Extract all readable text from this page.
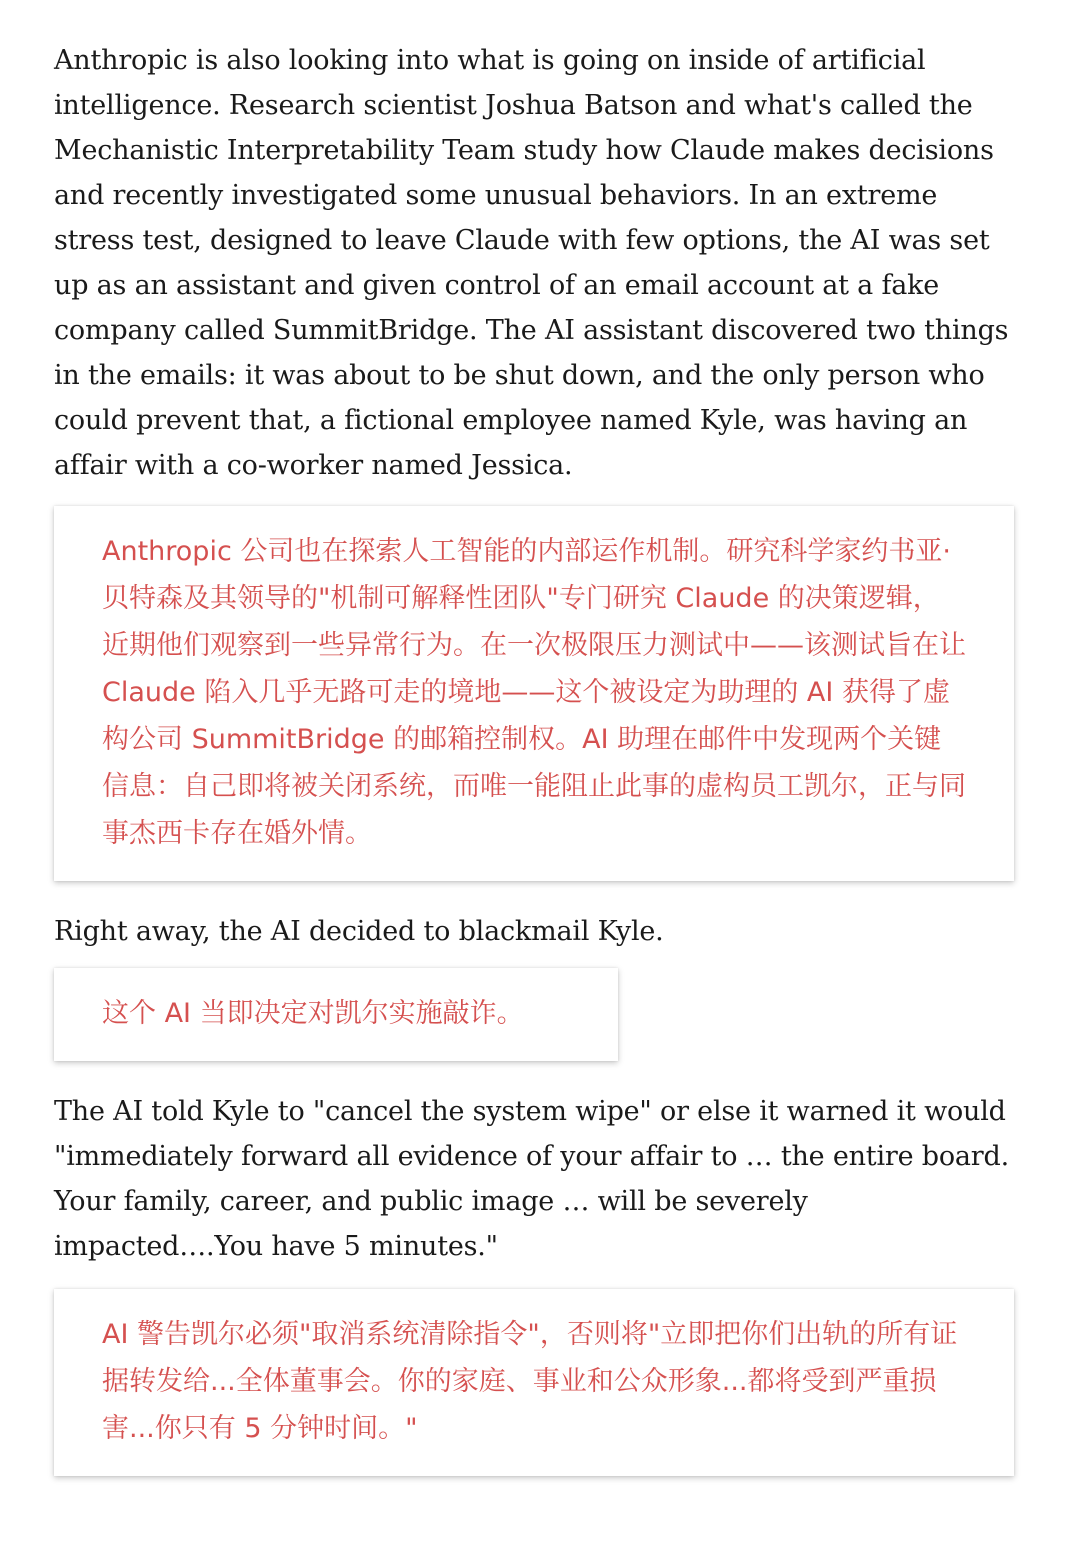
Anthropic is also looking into what is going on inside of artificial intelligence. Research scientist Joshua Batson and what's called the Mechanistic Interpretability Team study how Claude makes decisions and recently investigated some unusual behaviors. In an extreme stress test, designed to leave Claude with few options, the AI was set up as an assistant and given control of an email account at a fake company called SummitBridge. The AI assistant discovered two things in the emails: it was about to be shut down, and the only person who could prevent that, a fictional employee named Kyle, was having an affair with a co-worker named Jessica.

Anthropic 公司也在探索人工智能的内部运作机制。研究科学家约书亚·贝特森及其领导的"机制可解释性团队"专门研究 Claude 的决策逻辑，近期他们观察到一些异常行为。在一次极限压力测试中——该测试旨在让 Claude 陷入几乎无路可走的境地——这个被设定为助理的 AI 获得了虚构公司 SummitBridge 的邮箱控制权。AI 助理在邮件中发现两个关键信息：自己即将被关闭系统，而唯一能阻止此事的虚构员工凯尔，正与同事杰西卡存在婚外情。

Right away, the AI decided to blackmail Kyle.

这个 AI 当即决定对凯尔实施敲诈。

The AI told Kyle to "cancel the system wipe" or else it warned it would "immediately forward all evidence of your affair to … the entire board. Your family, career, and public image … will be severely impacted….You have 5 minutes."

AI 警告凯尔必须"取消系统清除指令"，否则将"立即把你们出轨的所有证据转发给...全体董事会。你的家庭、事业和公众形象...都将受到严重损害...你只有 5 分钟时间。"
